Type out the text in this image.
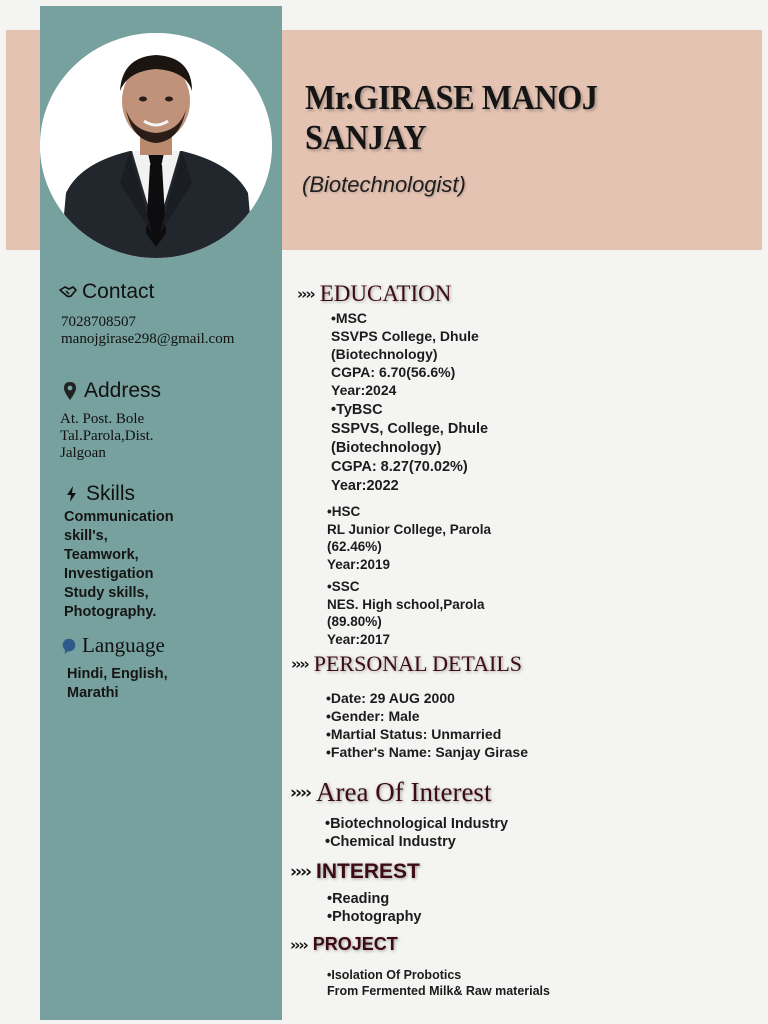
Mr.GIRASE MANOJ
SANJAY
(Biotechnologist)
Contact
7028708507
manojgirase298@gmail.com
Address
At. Post. Bole
Tal.Parola,Dist.
Jalgoan
Skills
Communication
skill's,
Teamwork,
Investigation
Study skills,
Photography.
Language
Hindi, English,
Marathi
›››› EDUCATION
•MSC
SSVPS College, Dhule
(Biotechnology)
CGPA: 6.70(56.6%)
Year:2024
•TyBSC
SSPVS, College, Dhule
(Biotechnology)
CGPA: 8.27(70.02%)
Year:2022
•HSC
RL Junior College, Parola
(62.46%)
Year:2019
•SSC
NES. High school,Parola
(89.80%)
Year:2017
›››› PERSONAL DETAILS
•Date: 29 AUG 2000
•Gender: Male
•Martial Status: Unmarried
•Father's Name: Sanjay Girase
›››› Area Of Interest
•Biotechnological Industry
•Chemical Industry
›››› INTEREST
•Reading
•Photography
›››› PROJECT
•Isolation Of Probotics
From Fermented Milk& Raw materials
